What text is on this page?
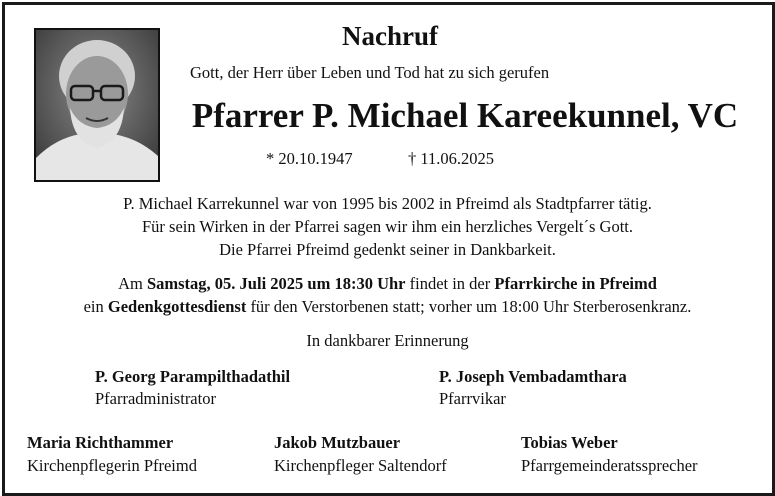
Nachruf
Gott, der Herr über Leben und Tod hat zu sich gerufen
Pfarrer P. Michael Kareekunnel, VC
* 20.10.1947	† 11.06.2025
P. Michael Karrekunnel war von 1995 bis 2002 in Pfreimd als Stadtpfarrer tätig.
Für sein Wirken in der Pfarrei sagen wir ihm ein herzliches Vergelt´s Gott.
Die Pfarrei Pfreimd gedenkt seiner in Dankbarkeit.
Am Samstag, 05. Juli 2025 um 18:30 Uhr findet in der Pfarrkirche in Pfreimd
ein Gedenkgottesdienst für den Verstorbenen statt; vorher um 18:00 Uhr Sterberosenkranz.
In dankbarer Erinnerung
P. Georg Parampilthadathil
Pfarradministrator
P. Joseph Vembadamthara
Pfarrvikar
Maria Richthammer
Kirchenpflegerin Pfreimd
Jakob Mutzbauer
Kirchenpfleger Saltendorf
Tobias Weber
Pfarrgemeinderatssprecher
